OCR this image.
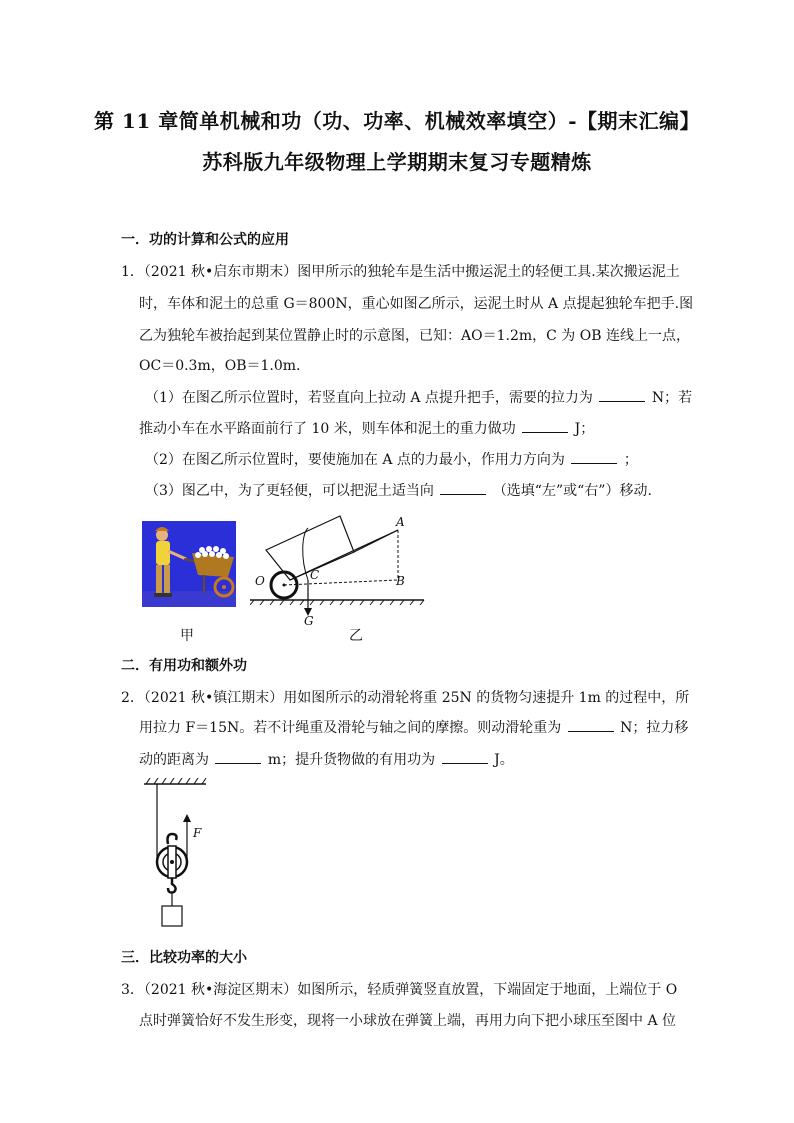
第 11 章简单机械和功（功、功率、机械效率填空）-【期末汇编】
苏科版九年级物理上学期期末复习专题精炼
一．功的计算和公式的应用
1．（2021 秋•启东市期末）图甲所示的独轮车是生活中搬运泥土的轻便工具.某次搬运泥土
时，车体和泥土的总重 G＝800N，重心如图乙所示，运泥土时从 A 点提起独轮车把手.图
乙为独轮车被抬起到某位置静止时的示意图，已知：AO＝1.2m，C 为 OB 连线上一点，
OC＝0.3m，OB＝1.0m.
（1）在图乙所示位置时，若竖直向上拉动 A 点提升把手，需要的拉力为	N；若
推动小车在水平路面前行了 10 米，则车体和泥土的重力做功	J；
（2）在图乙所示位置时，要使施加在 A 点的力最小，作用力方向为	；
（3）图乙中，为了更轻便，可以把泥土适当向	（选填“左”或“右”）移动.
甲
A
B
C
O
G
乙
二．有用功和额外功
2．（2021 秋•镇江期末）用如图所示的动滑轮将重 25N 的货物匀速提升 1m 的过程中，所
用拉力 F＝15N。若不计绳重及滑轮与轴之间的摩擦。则动滑轮重为	N；拉力移
动的距离为	m；提升货物做的有用功为	J。
F
三．比较功率的大小
3．（2021 秋•海淀区期末）如图所示，轻质弹簧竖直放置，下端固定于地面，上端位于 O
点时弹簧恰好不发生形变，现将一小球放在弹簧上端，再用力向下把小球压至图中 A 位
